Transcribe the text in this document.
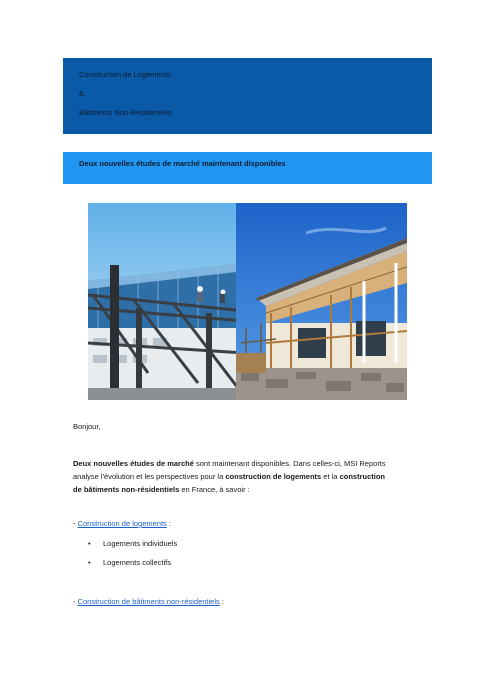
Construction de Logements
&
Bâtiments Non-Résidentiels
Deux nouvelles études de marché maintenant disponibles
Bonjour,
Deux nouvelles études de marché sont maintenant disponibles. Dans celles-ci, MSI Reports
analyse l'évolution et les perspectives pour la construction de logements et la construction
de bâtiments non-résidentiels en France, à savoir :
- Construction de logements :
• Logements individuels
• Logements collectifs
- Construction de bâtiments non-résidentiels :
